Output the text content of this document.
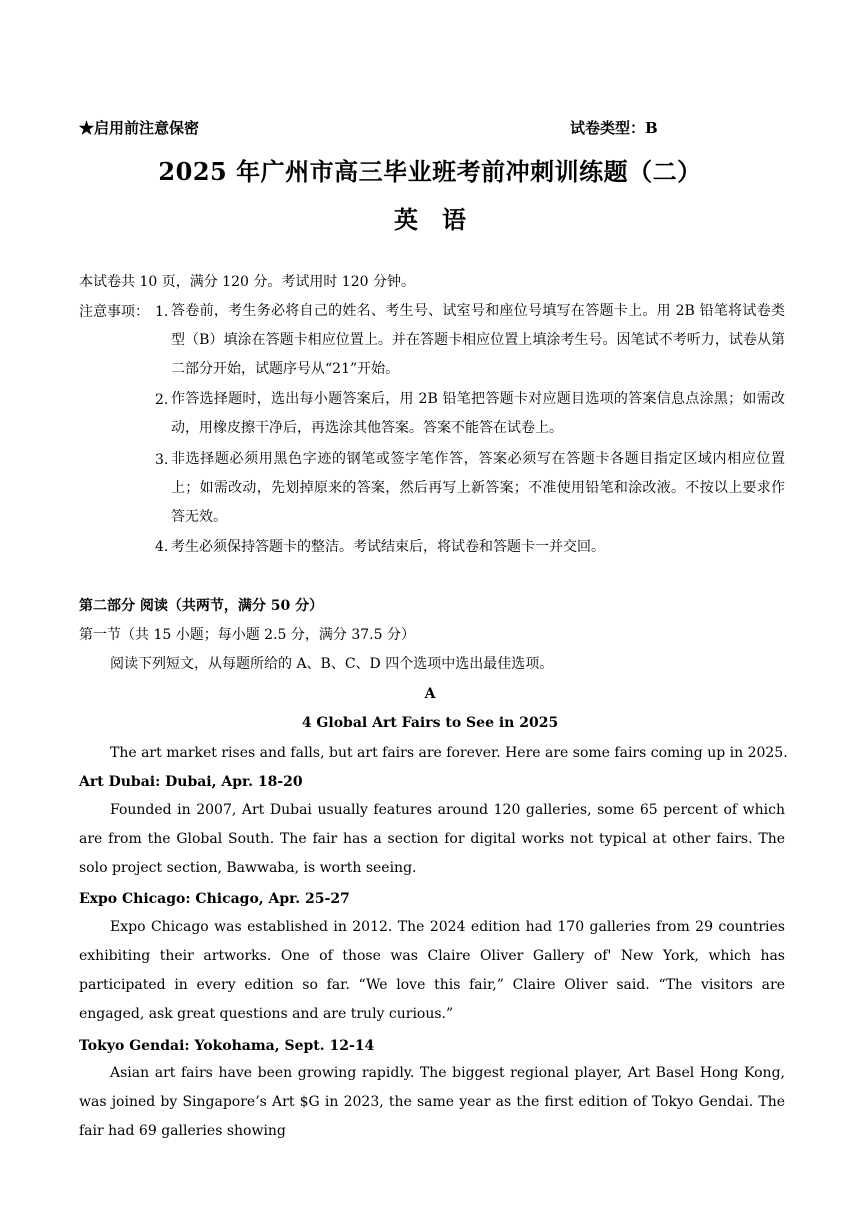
★启用前注意保密	试卷类型：B
2025 年广州市高三毕业班考前冲刺训练题（二）
英　语
本试卷共 10 页，满分 120 分。考试用时 120 分钟。
注意事项： 1. 答卷前，考生务必将自己的姓名、考生号、试室号和座位号填写在答题卡上。用 2B 铅笔将试卷类型（B）填涂在答题卡相应位置上。并在答题卡相应位置上填涂考生号。因笔试不考听力，试卷从第二部分开始，试题序号从“21”开始。
2. 作答选择题时，选出每小题答案后，用 2B 铅笔把答题卡对应题目选项的答案信息点涂黑；如需改动，用橡皮擦干净后，再选涂其他答案。答案不能答在试卷上。
3. 非选择题必须用黑色字迹的钢笔或签字笔作答，答案必须写在答题卡各题目指定区域内相应位置上；如需改动，先划掉原来的答案，然后再写上新答案；不准使用铅笔和涂改液。不按以上要求作答无效。
4. 考生必须保持答题卡的整洁。考试结束后，将试卷和答题卡一并交回。
第二部分 阅读（共两节，满分 50 分）
第一节（共 15 小题；每小题 2.5 分，满分 37.5 分）
阅读下列短文，从每题所给的 A、B、C、D 四个选项中选出最佳选项。
A
4 Global Art Fairs to See in 2025
The art market rises and falls, but art fairs are forever. Here are some fairs coming up in 2025.
Art Dubai: Dubai, Apr. 18-20
Founded in 2007, Art Dubai usually features around 120 galleries, some 65 percent of which are from the Global South. The fair has a section for digital works not typical at other fairs. The solo project section, Bawwaba, is worth seeing.
Expo Chicago: Chicago, Apr. 25-27
Expo Chicago was established in 2012. The 2024 edition had 170 galleries from 29 countries exhibiting their artworks. One of those was Claire Oliver Gallery of' New York, which has participated in every edition so far. “We love this fair,” Claire Oliver said. “The visitors are engaged, ask great questions and are truly curious.”
Tokyo Gendai: Yokohama, Sept. 12-14
Asian art fairs have been growing rapidly. The biggest regional player, Art Basel Hong Kong, was joined by Singapore’s Art $G in 2023, the same year as the first edition of Tokyo Gendai. The fair had 69 galleries showing
